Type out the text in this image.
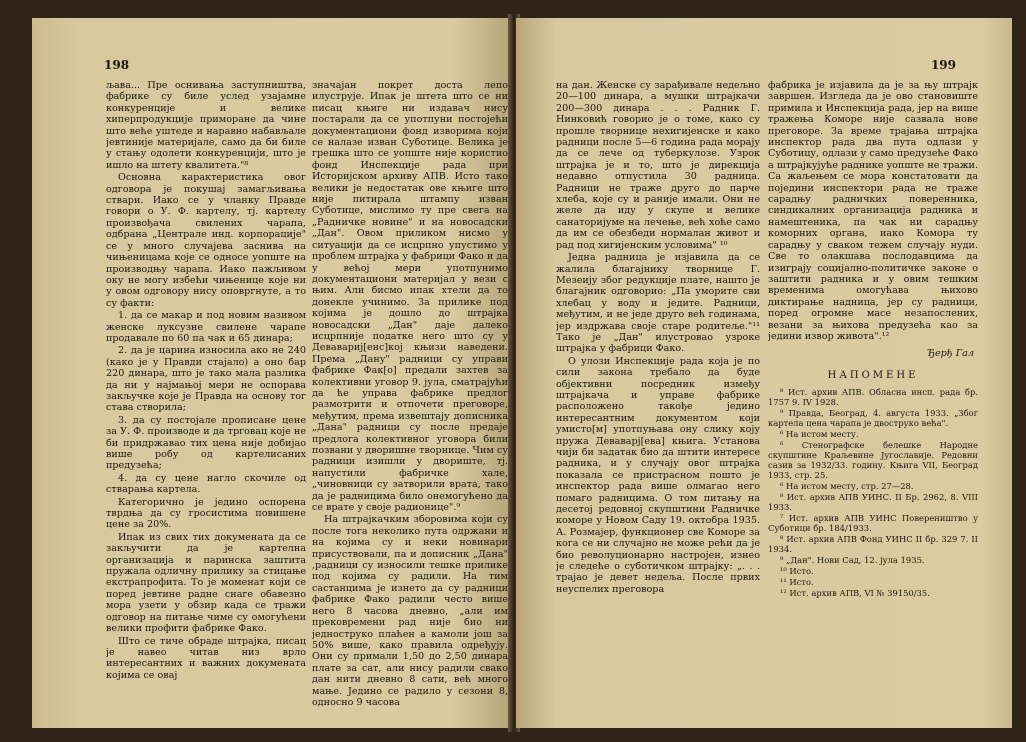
198

љава... Пре оснивања заступништва, фабрике су биле услед узајамне конкуренције и велике хиперпродукције приморане да чине што веће уштеде и наравно набављале јевтиније материјале, само да би биле у стању одолети конкуренцији, што је ишло на штету квалитета."⁸

Основна карактеристика овог одговора је покушај замагљивања ствари. Иако се у чланку Правде говори о У. Ф. картелу, тј. картелу произвођача свилених чарапа, одбрана „Централе инд. корпорације" се у много случајева заснива на чињеницама које се односе уопште на производњу чарапа. Иако пажљивом оку не могу избећи чињенице које ни у овом одговору нису оповргнуте, а то су факти:

1. да се макар и под новим називом женске луксузне свилене чарапе продавале по 60 па чак и 65 динара;

2. да је царина износила ако не 240 (како је у Правди стајало) а оно бар 220 динара, што је тако мала разлика да ни у најмањој мери не оспорава закључке које је Правда на основу тог става створила;

3. да су постојале прописане цене за У. Ф. производе и да трговац које не би придржавао тих цена није добијао више робу од картелисаних предузећа;

4. да су цене нагло скочиле од стварања картела.

Категорично је једино оспорена тврдња да су гросистима повишене цене за 20%.

Ипак из свих тих докумената да се закључити да је картелна организација и паринска заштита пружала одличну прилику за стицање екстрапрофита. То је моменат који се поред јевтине радне снаге обавезно мора узети у обзир када се тражи одговор на питање чиме су омогућени велики профити фабрике Фако.

Што се тиче обраде штрајка, писац је навео читав низ врло интересантних и важних докумената којима се овај

значајан покрет доста лепо илуструје. Ипак је штета што се ни писац књиге ни издавач нису постарали да се употпуни постојећи документациони фонд изворима који се налазе изван Суботице. Велика је грешка што се уопште није користио фонд Инспекције рада при Историјском архиву АПВ. Исто тако велики је недостатак ове књиге што није питирала штампу изван Суботице, мислимо ту пре свега на „Радничке новине" и на новосадски „Дан". Овом приликом нисмо у ситуацији да се исцрпно упустимо у проблем штрајка у фабрици Фако и да у већој мери употпунимо документациони материјал у вези с њим. Али бисмо ипак хтели да то донекле учинимо. За прилике под којима је дошло до штрајка новосадски „Дан" даје далеко исцрпније податке него што су у Девавариј[енс]кој књизи наведени. Према „Дану" радници су управи фабрике Фак[о] предали захтев за колективни уговор 9. јула, сматрајући да ће управа фабрике предлог размотрити и отпочети преговоре, међутим, према извештају дописника „Дана" радници су после предаје предлога колективног уговора били позвани у дворишне творнице. Чим су радници изишли у двориште, тј. напустили фабричке хале, „чиновници су затворили врата, тако да је радницима било онемогућено да се врате у своје радионице".⁹

На штрајкачким зборовима који су после тога неколико пута одржани и на којима су и неки новинари присуствовали, па и дописник „Дана" ,радници су износили тешке прилике под којима су радили. На тим састанцима је изнето да су радници фабрике Фако радили често више него 8 часова дневно, „али им прековремени рад није био ни једнострукo плаћен а камоли још за 50% више, како правила одређују. Они су примали 1,50 до 2,50 динара плате за сат, али нису радили свако дан нити дневно 8 сати, већ много мање. Једино се радило у сезони 8, односно 9 часова

199

на дан. Женске су зарађивале недељно 20—100 динара, а мушки штрајкачи 200—300 динара . . . Радник Г. Нинковић говорио је о томе, како су прошле творнице нехигијенске и како радници после 5—6 година рада морају да се лече од туберкулозе. Узрок штрајка је и то, што је дирекција недавно отпустила 30 радница. Радници не траже друго до парче хлеба, које су и раније имали. Они не желе да иду у скупе и велике санаторијуме на лечење, већ хоће само да им се обезбеди нормалан живот и рад под хигијенским условима" ¹⁰

Једна радница је изјавила да се жалила благајнику творнице Г. Мезеију због редукције плате, нашто је благајник одговорио: „Па уморите сви хлебац у воду и једите. Радници, међутим, и не једе друго већ годинама, јер издржава своје старе родитеље."¹¹ Тако је „Дан" илустровао узроке штрајка у фабрици Фако.

О улози Инспекције рада која је по сили закона требало да буде објективни посредник између штрајкача и управе фабрике расположено такође једино интересантним документом који умисто[м] употпуњава ону слику коју пружа Деваварј[ева] књига. Установа чији би задатак био да штити интересе радника, и у случају овог штрајка показала се пристрасном пошто је инспектор рада више олмагао него помаго радницима. О том питању на десетој редовној скупштини Радничке коморе у Новом Саду 19. октобра 1935. А. Розмајер, функционер све Коморе за кога се ни случајно не може рећи да је био револуционарно настројен, изнео је следеће о суботичком штрајку: „. . . трајао је девет недеља. После првих неуспелих преговора

фабрика је изјавила да је за њу штрајк завршен. Изгледа да је ово становиште примила и Инспекција рада, јер на више тражења Коморе није сазвала нове преговоре. За време трајања штрајка инспектор рада два пута одлази у Суботицу, одлази у само предузеће Фако а штрајкујуће раднике уопште не тражи. Са жаљењем се мора констатовати да поједини инспектори рада не траже сарадњу радничких поверенника, синдикалних организација радника и намештеника, па чак ни сарадњу коморних органа, иако Комора ту сарадњу у сваком тежем случају нуди. Све то олакшава послодавцима да изиграју социјално-политичке законе о заштити радника и у овим тешким временима омогућава њиховo диктирање надница, јер су радници, поред огромне масе незапослених, везани за њихова предузећа као за једини извор живота".¹²

Ђерђ Гал
НАПОМЕНЕ

⁸ Ист. архив АПВ. Обласна инсп. рада бр. 1757 9. IV 1928.

⁹ Правда, Београд, 4. августа 1933. „Због картела цена чарапа је двоструко већа".

⁶ На истом месту.

⁶ Стенографске белешке Народне скупштине Краљевине Југославије. Редовни сазив за 1932/33. годину. Књига VII, Београд 1933, стр. 25.

⁶ На истом месту, стр. 27—28.

⁸ Ист. архив АПВ УИНС. II Бр. 2962, 8. VIII 1933.

⁷ Ист. архив АПВ УИНС Повереништво у Суботици бр. 184/1933.

⁸ Ист. архив АПВ Фонд УИНС II бр. 329 7. II 1934.

⁹ „Дан". Нови Сад, 12. јула 1935.

¹⁰ Исто.

¹¹ Исто.

¹² Ист. архив АПВ, VI № 39150/35.
